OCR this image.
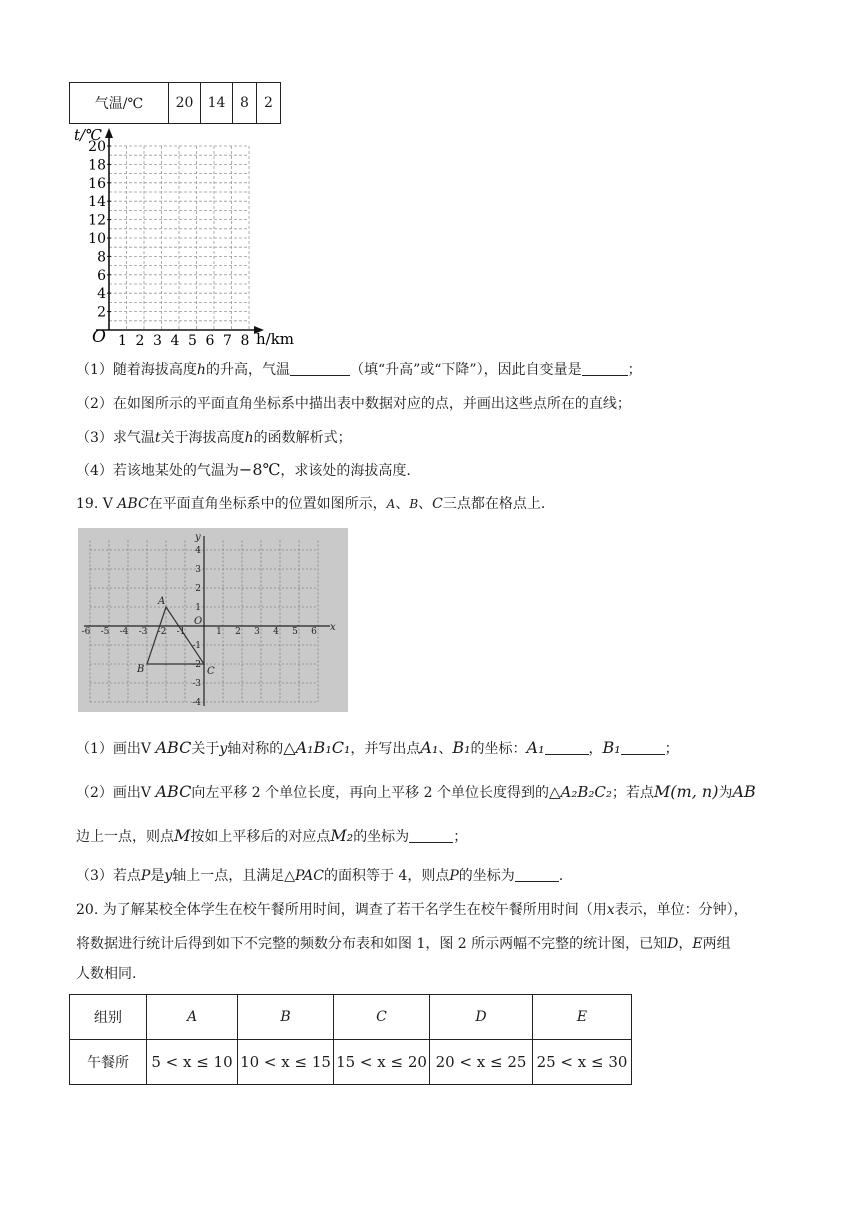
气温/℃	20	14	8	2
20
18
16
14
12
10
8
6
4
2
1 2 3 4 5 6 7 8
t/℃
h/km
O
（1）随着海拔高度h的升高，气温	（填“升高”或“下降”），因此自变量是	；
（2）在如图所示的平面直角坐标系中描出表中数据对应的点，并画出这些点所在的直线；
（3）求气温t关于海拔高度h的函数解析式；
（4）若该地某处的气温为−8℃，求该处的海拔高度.
19. V ABC在平面直角坐标系中的位置如图所示，A、B、C三点都在格点上.
-6 -5 -4 -3 -2 -1	1 2 3 4 5 6
4
3
2
1
-1
-2
-3
-4
A
B	C
x
y
O
（1）画出V ABC关于y轴对称的△A₁B₁C₁，并写出点A₁、B₁的坐标：A₁	，B₁	；
（2）画出V ABC向左平移 2 个单位长度，再向上平移 2 个单位长度得到的△A₂B₂C₂；若点M(m, n)为AB
边上一点，则点M按如上平移后的对应点M₂的坐标为	；
（3）若点P是y轴上一点，且满足△PAC的面积等于 4，则点P的坐标为	.
20. 为了解某校全体学生在校午餐所用时间，调查了若干名学生在校午餐所用时间（用x表示，单位：分钟），
将数据进行统计后得到如下不完整的频数分布表和如图 1，图 2 所示两幅不完整的统计图，已知D，E两组
人数相同.
组别	A	B	C	D	E
午餐所	5 < x ≤ 10	10 < x ≤ 15	15 < x ≤ 20	20 < x ≤ 25	25 < x ≤ 30
